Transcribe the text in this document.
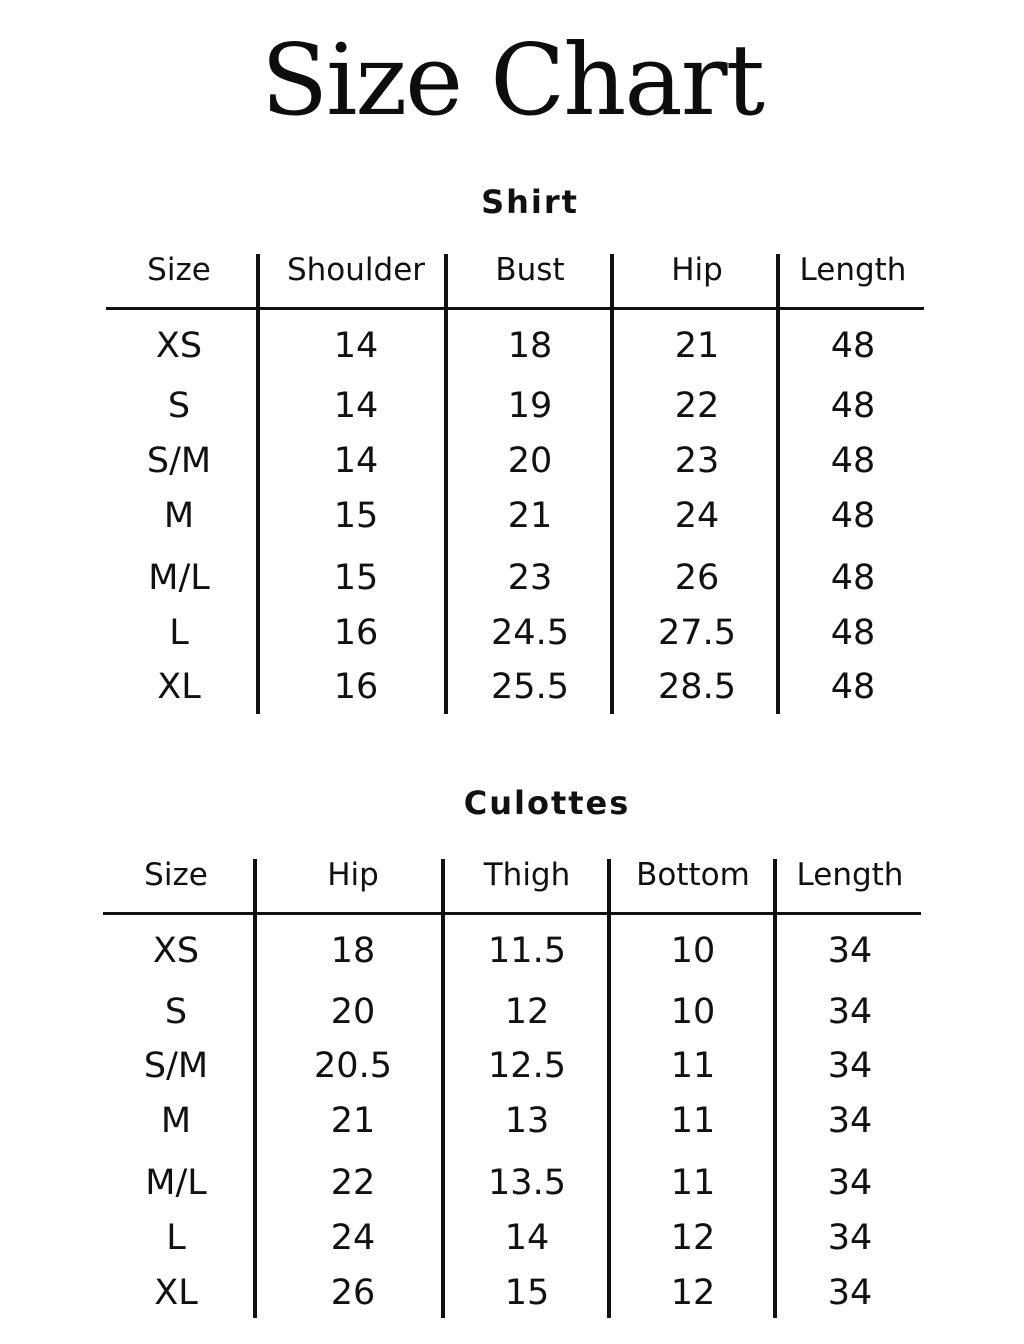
Size Chart
Shirt
Size	Shoulder	Bust	Hip	Length
XS	14	18	21	48
S	14	19	22	48
S/M	14	20	23	48
M	15	21	24	48
M/L	15	23	26	48
L	16	24.5	27.5	48
XL	16	25.5	28.5	48
Culottes
Size	Hip	Thigh	Bottom	Length
XS	18	11.5	10	34
S	20	12	10	34
S/M	20.5	12.5	11	34
M	21	13	11	34
M/L	22	13.5	11	34
L	24	14	12	34
XL	26	15	12	34
